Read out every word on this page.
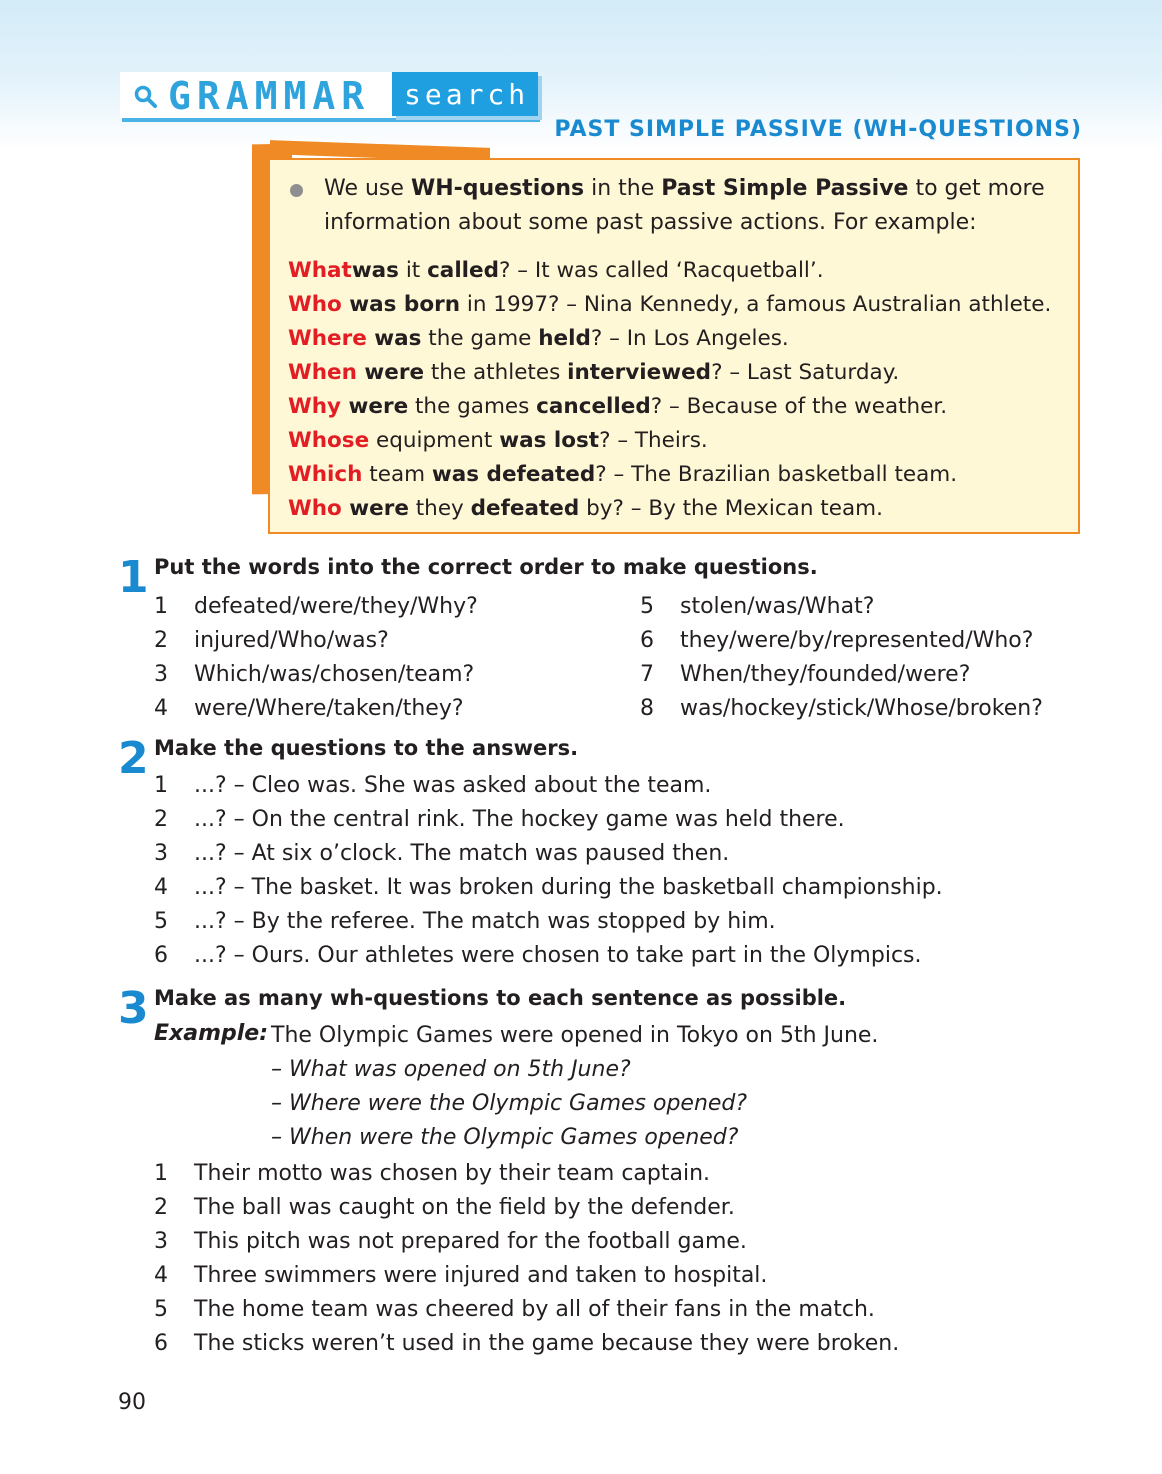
GRAMMAR search
PAST SIMPLE PASSIVE (WH-QUESTIONS)
We use WH-questions in the Past Simple Passive to get more information about some past passive actions. For example:
Whatwas it called? – It was called ‘Racquetball’.
Who was born in 1997? – Nina Kennedy, a famous Australian athlete.
Where was the game held? – In Los Angeles.
When were the athletes interviewed? – Last Saturday.
Why were the games cancelled? – Because of the weather.
Whose equipment was lost? – Theirs.
Which team was defeated? – The Brazilian basketball team.
Who were they defeated by? – By the Mexican team.
1 Put the words into the correct order to make questions.
1 defeated/were/they/Why?
2 injured/Who/was?
3 Which/was/chosen/team?
4 were/Where/taken/they?
5 stolen/was/What?
6 they/were/by/represented/Who?
7 When/they/founded/were?
8 was/hockey/stick/Whose/broken?
2 Make the questions to the answers.
1 ...? – Cleo was. She was asked about the team.
2 ...? – On the central rink. The hockey game was held there.
3 ...? – At six o’clock. The match was paused then.
4 ...? – The basket. It was broken during the basketball championship.
5 ...? – By the referee. The match was stopped by him.
6 ...? – Ours. Our athletes were chosen to take part in the Olympics.
3 Make as many wh-questions to each sentence as possible.
Example: The Olympic Games were opened in Tokyo on 5th June.
– What was opened on 5th June?
– Where were the Olympic Games opened?
– When were the Olympic Games opened?
1 Their motto was chosen by their team captain.
2 The ball was caught on the field by the defender.
3 This pitch was not prepared for the football game.
4 Three swimmers were injured and taken to hospital.
5 The home team was cheered by all of their fans in the match.
6 The sticks weren’t used in the game because they were broken.
90
